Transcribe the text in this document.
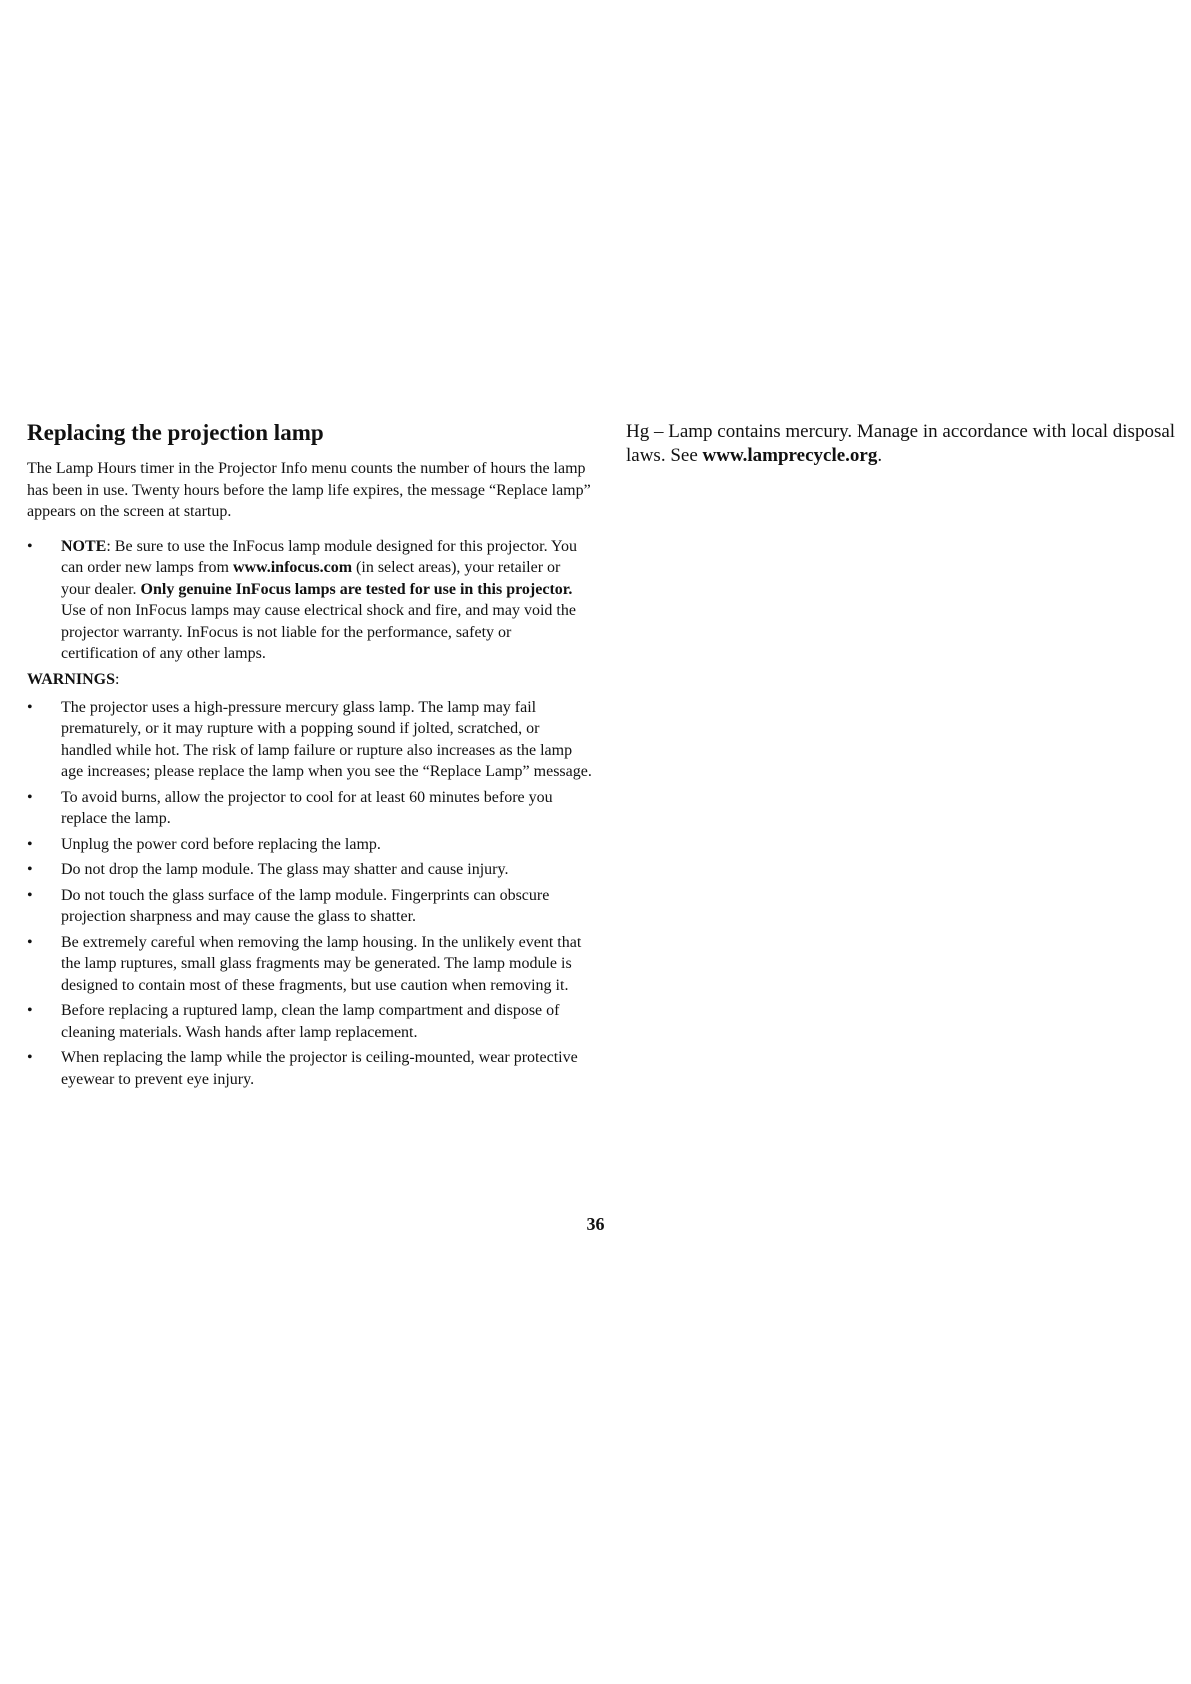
Replacing the projection lamp

The Lamp Hours timer in the Projector Info menu counts the number of hours the lamp has been in use. Twenty hours before the lamp life expires, the message “Replace lamp” appears on the screen at startup.

• NOTE: Be sure to use the InFocus lamp module designed for this projector. You can order new lamps from www.infocus.com (in select areas), your retailer or your dealer. Only genuine InFocus lamps are tested for use in this projector. Use of non InFocus lamps may cause electrical shock and fire, and may void the projector warranty. InFocus is not liable for the performance, safety or certification of any other lamps.

WARNINGS:

• The projector uses a high-pressure mercury glass lamp. The lamp may fail prematurely, or it may rupture with a popping sound if jolted, scratched, or handled while hot. The risk of lamp failure or rupture also increases as the lamp age increases; please replace the lamp when you see the “Replace Lamp” message.
• To avoid burns, allow the projector to cool for at least 60 minutes before you replace the lamp.
• Unplug the power cord before replacing the lamp.
• Do not drop the lamp module. The glass may shatter and cause injury.
• Do not touch the glass surface of the lamp module. Fingerprints can obscure projection sharpness and may cause the glass to shatter.
• Be extremely careful when removing the lamp housing. In the unlikely event that the lamp ruptures, small glass fragments may be generated. The lamp module is designed to contain most of these fragments, but use caution when removing it.
• Before replacing a ruptured lamp, clean the lamp compartment and dispose of cleaning materials. Wash hands after lamp replacement.
• When replacing the lamp while the projector is ceiling-mounted, wear protective eyewear to prevent eye injury.

Hg – Lamp contains mercury. Manage in accordance with local disposal laws. See www.lamprecycle.org.

36
